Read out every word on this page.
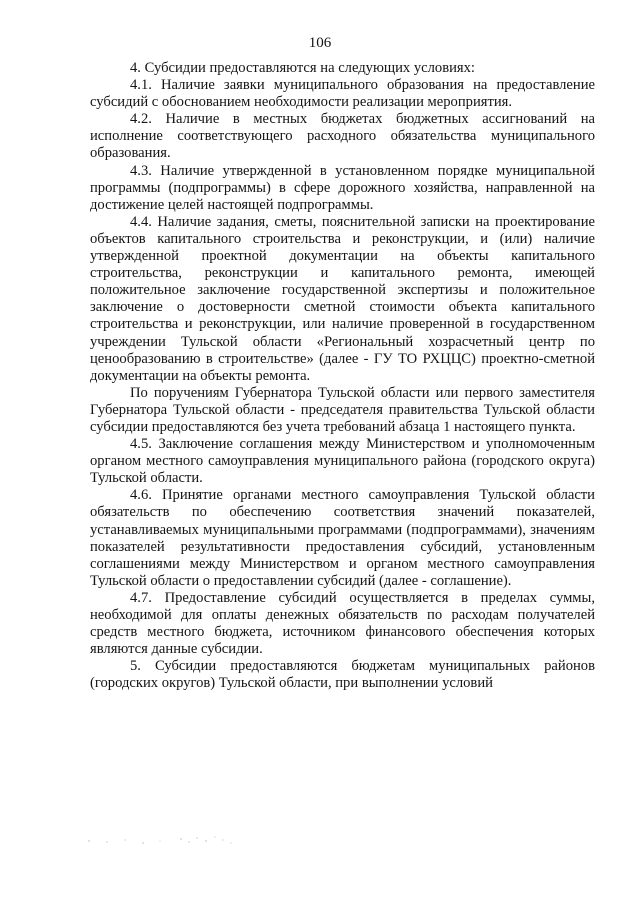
106

4. Субсидии предоставляются на следующих условиях:

4.1. Наличие заявки муниципального образования на предоставление субсидий с обоснованием необходимости реализации мероприятия.

4.2. Наличие в местных бюджетах бюджетных ассигнований на исполнение соответствующего расходного обязательства муниципального образования.

4.3. Наличие утвержденной в установленном порядке муниципальной программы (подпрограммы) в сфере дорожного хозяйства, направленной на достижение целей настоящей подпрограммы.

4.4. Наличие задания, сметы, пояснительной записки на проектирование объектов капитального строительства и реконструкции, и (или) наличие утвержденной проектной документации на объекты капитального строительства, реконструкции и капитального ремонта, имеющей положительное заключение государственной экспертизы и положительное заключение о достоверности сметной стоимости объекта капитального строительства и реконструкции, или наличие проверенной в государственном учреждении Тульской области «Региональный хозрасчетный центр по ценообразованию в строительстве» (далее - ГУ ТО РХЦЦС) проектно-сметной документации на объекты ремонта.

По поручениям Губернатора Тульской области или первого заместителя Губернатора Тульской области - председателя правительства Тульской области субсидии предоставляются без учета требований абзаца 1 настоящего пункта.

4.5. Заключение соглашения между Министерством и уполномоченным органом местного самоуправления муниципального района (городского округа) Тульской области.

4.6. Принятие органами местного самоуправления Тульской области обязательств по обеспечению соответствия значений показателей, устанавливаемых муниципальными программами (подпрограммами), значениям показателей результативности предоставления субсидий, установленным соглашениями между Министерством и органом местного самоуправления Тульской области о предоставлении субсидий (далее - соглашение).

4.7. Предоставление субсидий осуществляется в пределах суммы, необходимой для оплаты денежных обязательств по расходам получателей средств местного бюджета, источником финансового обеспечения которых являются данные субсидии.

5. Субсидии предоставляются бюджетам муниципальных районов (городских округов) Тульской области, при выполнении условий
